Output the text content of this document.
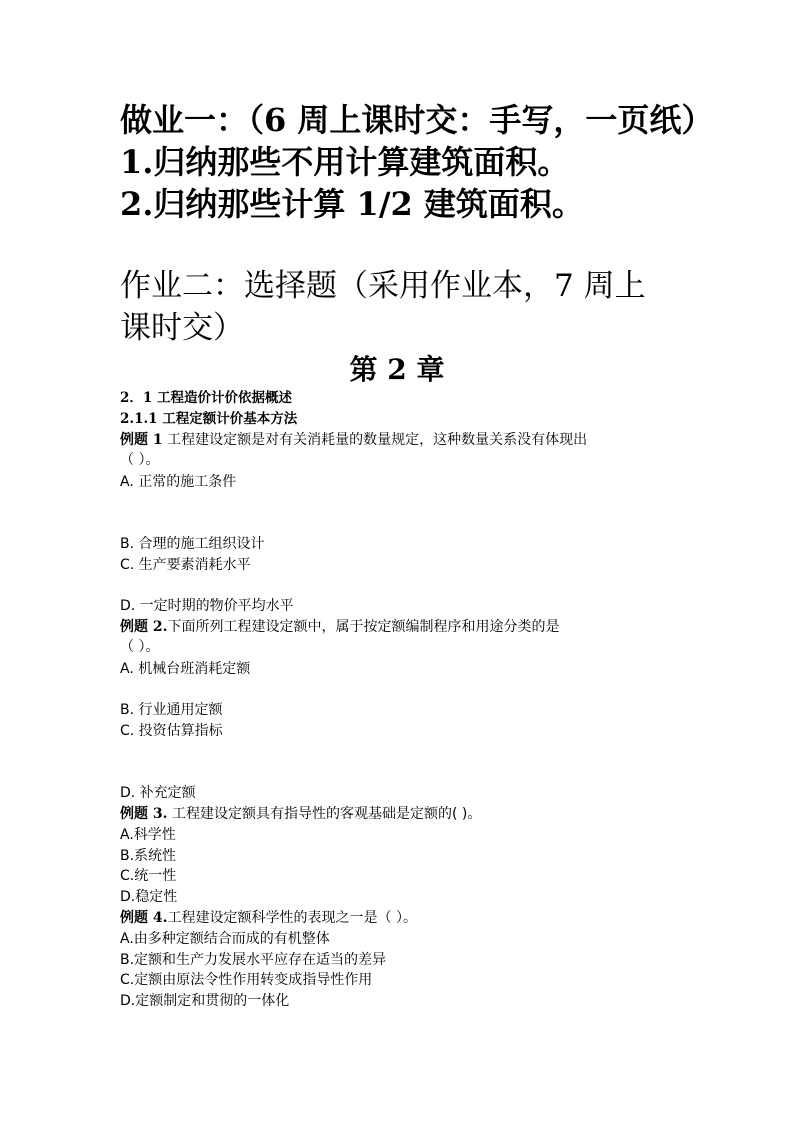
做业一：（6 周上课时交：手写，一页纸）
1.归纳那些不用计算建筑面积。
2.归纳那些计算 1/2 建筑面积。
作业二：选择题（采用作业本，7 周上
课时交）
第 2 章
2．1 工程造价计价依据概述
2.1.1 工程定额计价基本方法
例题 1 工程建设定额是对有关消耗量的数量规定，这种数量关系没有体现出
（ ）。
A. 正常的施工条件
B. 合理的施工组织设计
C. 生产要素消耗水平
D. 一定时期的物价平均水平
例题 2.下面所列工程建设定额中，属于按定额编制程序和用途分类的是
（ ）。
A. 机械台班消耗定额
B. 行业通用定额
C. 投资估算指标
D. 补充定额
例题 3. 工程建设定额具有指导性的客观基础是定额的( )。
A.科学性
B.系统性
C.统一性
D.稳定性
例题 4.工程建设定额科学性的表现之一是（ ）。
A.由多种定额结合而成的有机整体
B.定额和生产力发展水平应存在适当的差异
C.定额由原法令性作用转变成指导性作用
D.定额制定和贯彻的一体化
